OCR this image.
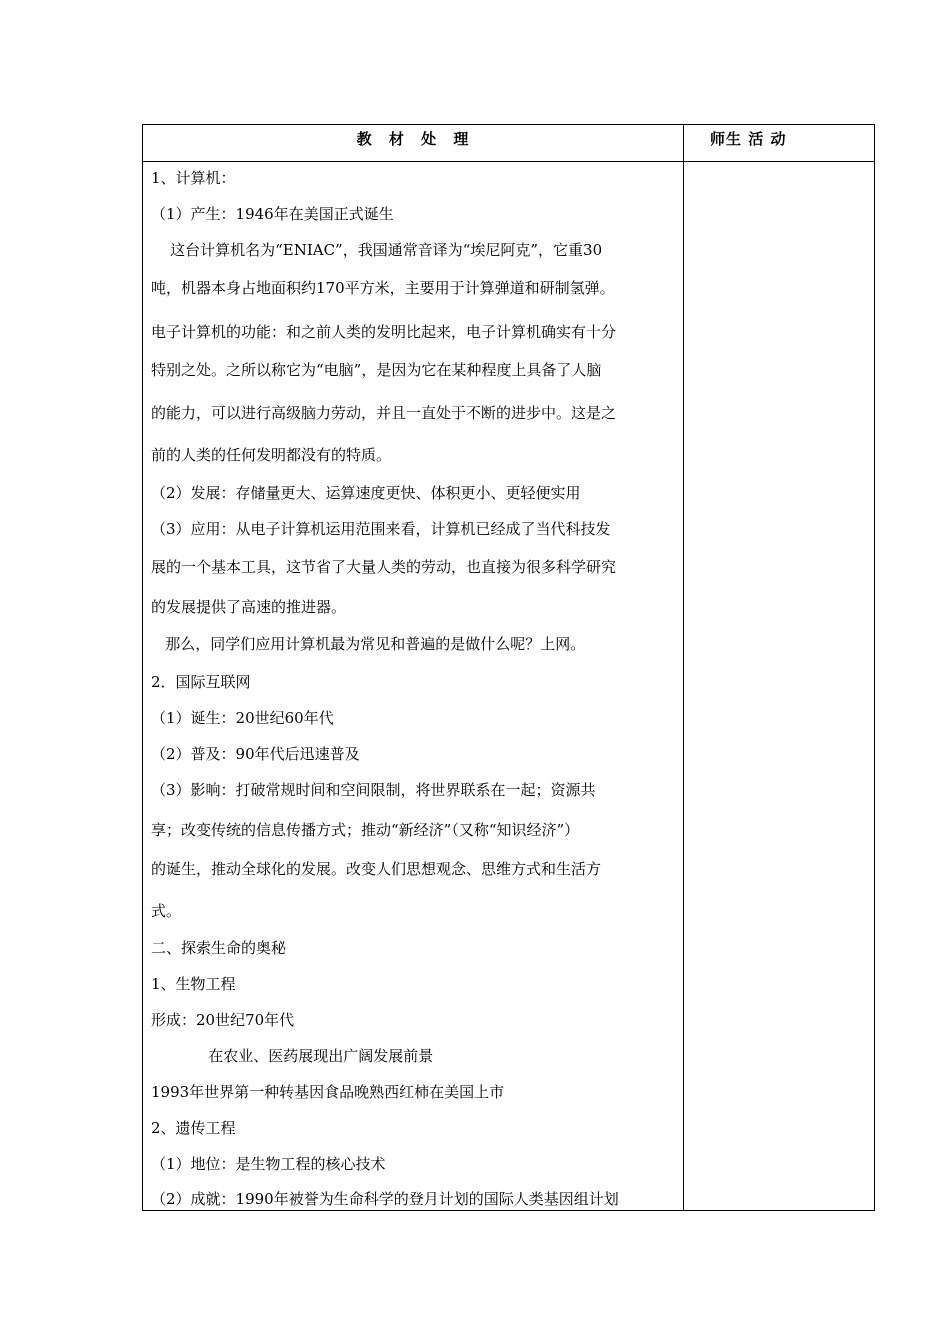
教 材 处 理	师生 活 动
1、计算机：
（1）产生：1946年在美国正式诞生
这台计算机名为“ENIAC”，我国通常音译为“埃尼阿克”，它重30
吨，机器本身占地面积约170平方米，主要用于计算弹道和研制氢弹。
电子计算机的功能：和之前人类的发明比起来，电子计算机确实有十分
特别之处。之所以称它为“电脑”，是因为它在某种程度上具备了人脑
的能力，可以进行高级脑力劳动，并且一直处于不断的进步中。这是之
前的人类的任何发明都没有的特质。
（2）发展：存储量更大、运算速度更快、体积更小、更轻便实用
（3）应用：从电子计算机运用范围来看，计算机已经成了当代科技发
展的一个基本工具，这节省了大量人类的劳动，也直接为很多科学研究
的发展提供了高速的推进器。
那么，同学们应用计算机最为常见和普遍的是做什么呢？上网。
2．国际互联网
（1）诞生：20世纪60年代
（2）普及：90年代后迅速普及
（3）影响：打破常规时间和空间限制，将世界联系在一起；资源共
享；改变传统的信息传播方式；推动“新经济”（又称“知识经济”）
的诞生，推动全球化的发展。改变人们思想观念、思维方式和生活方
式。
二、探索生命的奥秘
1、生物工程
形成：20世纪70年代
在农业、医药展现出广阔发展前景
1993年世界第一种转基因食品晚熟西红柿在美国上市
2、遗传工程
（1）地位：是生物工程的核心技术
（2）成就：1990年被誉为生命科学的登月计划的国际人类基因组计划
